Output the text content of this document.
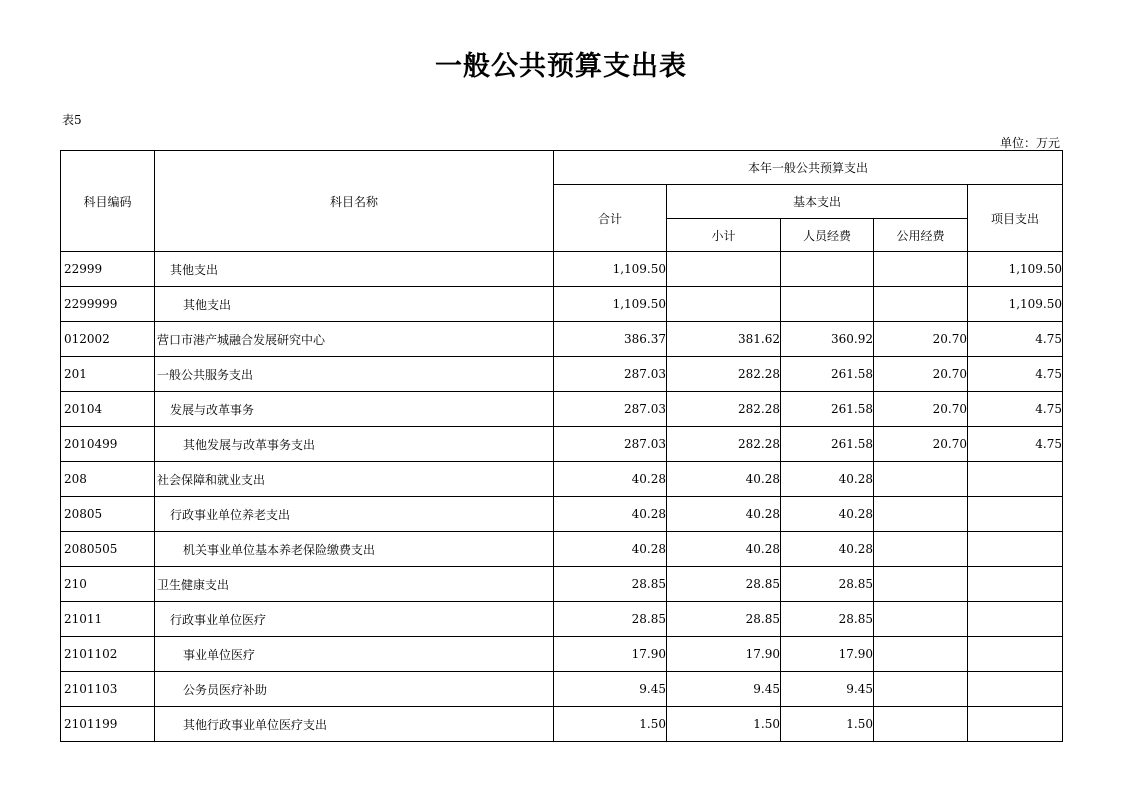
一般公共预算支出表
表5
单位：万元
科目编码	科目名称	本年一般公共预算支出				
		合计	基本支出			项目支出
			小计	人员经费	公用经费	
22999	其他支出	1,109.50				1,109.50
2299999	其他支出	1,109.50				1,109.50
012002	营口市港产城融合发展研究中心	386.37	381.62	360.92	20.70	4.75
201	一般公共服务支出	287.03	282.28	261.58	20.70	4.75
20104	发展与改革事务	287.03	282.28	261.58	20.70	4.75
2010499	其他发展与改革事务支出	287.03	282.28	261.58	20.70	4.75
208	社会保障和就业支出	40.28	40.28	40.28		
20805	行政事业单位养老支出	40.28	40.28	40.28		
2080505	机关事业单位基本养老保险缴费支出	40.28	40.28	40.28		
210	卫生健康支出	28.85	28.85	28.85		
21011	行政事业单位医疗	28.85	28.85	28.85		
2101102	事业单位医疗	17.90	17.90	17.90		
2101103	公务员医疗补助	9.45	9.45	9.45		
2101199	其他行政事业单位医疗支出	1.50	1.50	1.50		
